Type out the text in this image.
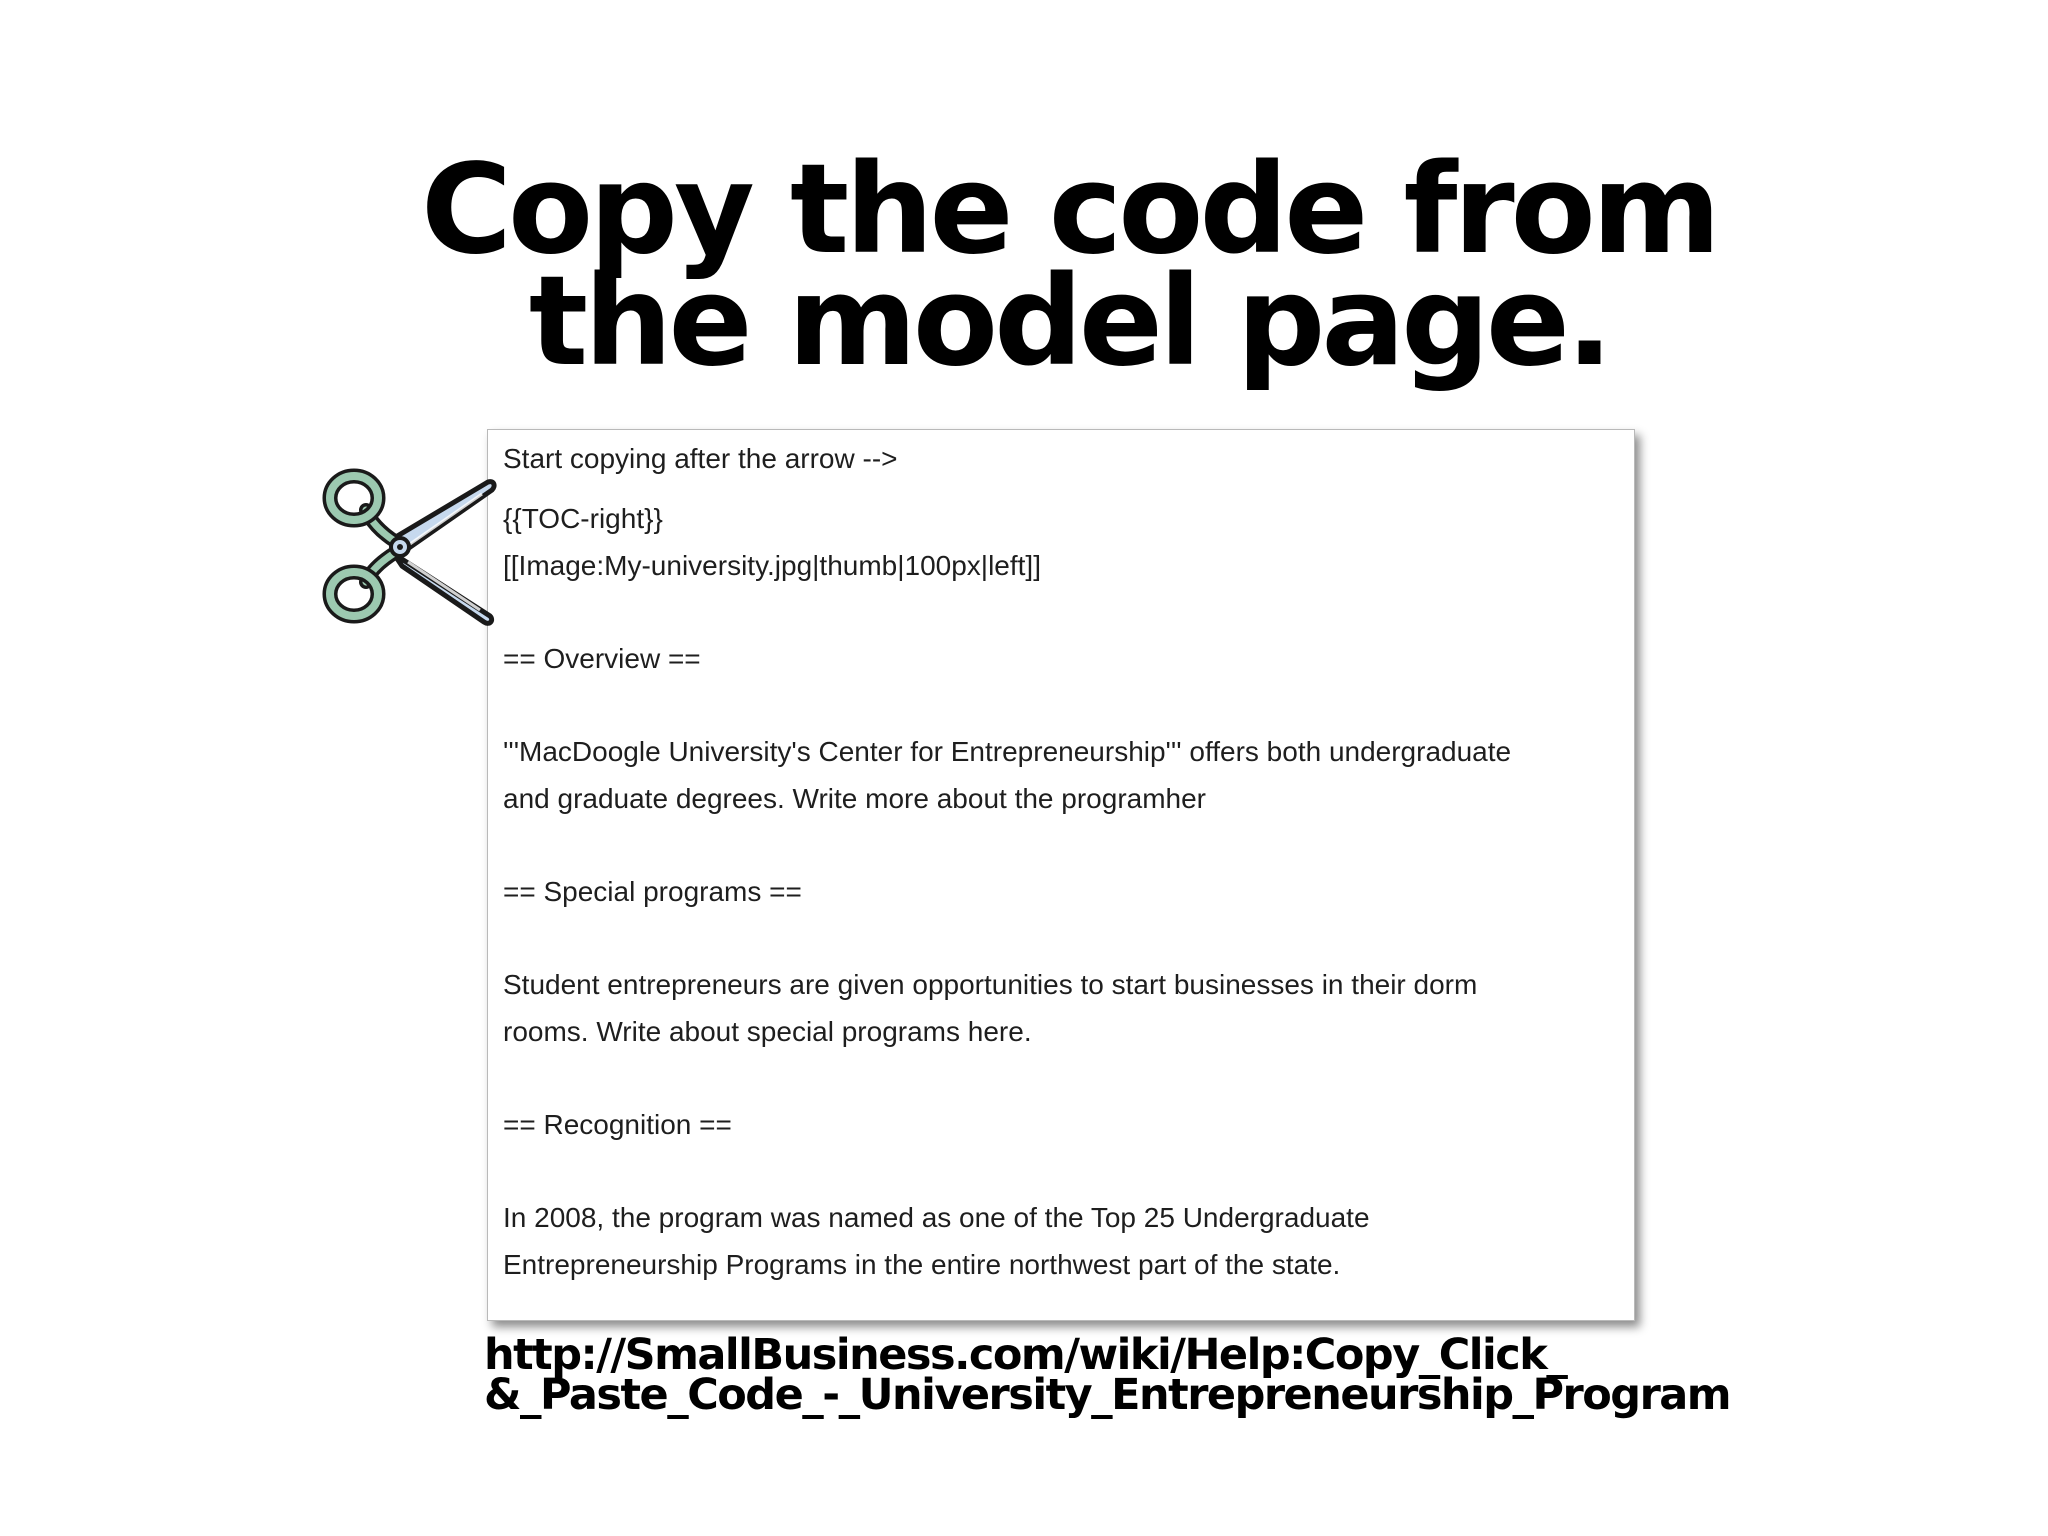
Copy the code from
the model page.
Start copying after the arrow -->
{{TOC-right}}
[[Image:My-university.jpg|thumb|100px|left]]
== Overview ==
'''MacDoogle University's Center for Entrepreneurship''' offers both undergraduate
and graduate degrees. Write more about the programher
== Special programs ==
Student entrepreneurs are given opportunities to start businesses in their dorm
rooms. Write about special programs here.
== Recognition ==
In 2008, the program was named as one of the Top 25 Undergraduate
Entrepreneurship Programs in the entire northwest part of the state.
http://SmallBusiness.com/wiki/Help:Copy_Click_
&_Paste_Code_-_University_Entrepreneurship_Program
